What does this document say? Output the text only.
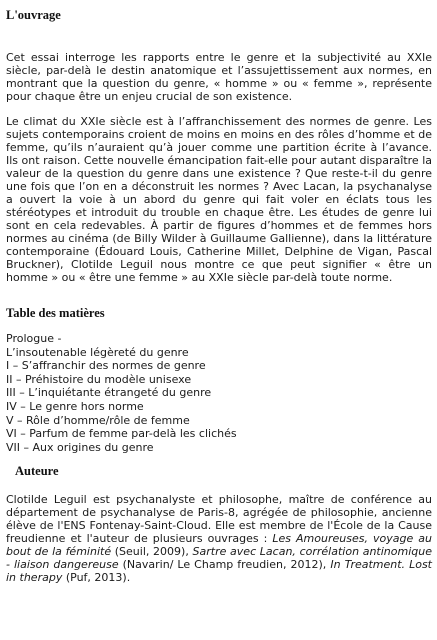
L'ouvrage

Cet essai interroge les rapports entre le genre et la subjectivité au XXIe siècle, par-delà le destin anatomique et l’assujettissement aux normes, en montrant que la question du genre, « homme » ou « femme », représente pour chaque être un enjeu crucial de son existence.

Le climat du XXIe siècle est à l’affranchissement des normes de genre. Les sujets contemporains croient de moins en moins en des rôles d’homme et de femme, qu’ils n’auraient qu’à jouer comme une partition écrite à l’avance. Ils ont raison. Cette nouvelle émancipation fait-elle pour autant disparaître la valeur de la question du genre dans une existence ? Que reste-t-il du genre une fois que l’on en a déconstruit les normes ? Avec Lacan, la psychanalyse a ouvert la voie à un abord du genre qui fait voler en éclats tous les stéréotypes et introduit du trouble en chaque être. Les études de genre lui sont en cela redevables. À partir de figures d’hommes et de femmes hors normes au cinéma (de Billy Wilder à Guillaume Gallienne), dans la littérature contemporaine (Édouard Louis, Catherine Millet, Delphine de Vigan, Pascal Bruckner), Clotilde Leguil nous montre ce que peut signifier « être un homme » ou « être une femme » au XXIe siècle par-delà toute norme.

Table des matières
Prologue -
L’insoutenable légèreté du genre
I – S’affranchir des normes de genre
II – Préhistoire du modèle unisexe
III – L’inquiétante étrangeté du genre
IV – Le genre hors norme
V – Rôle d’homme/rôle de femme
VI – Parfum de femme par-delà les clichés
VII – Aux origines du genre
Auteure

Clotilde Leguil est psychanalyste et philosophe, maître de conférence au département de psychanalyse de Paris-8, agrégée de philosophie, ancienne élève de l'ENS Fontenay-Saint-Cloud. Elle est membre de l'École de la Cause freudienne et l'auteur de plusieurs ouvrages : Les Amoureuses, voyage au bout de la féminité (Seuil, 2009), Sartre avec Lacan, corrélation antinomique - liaison dangereuse (Navarin/ Le Champ freudien, 2012), In Treatment. Lost in therapy (Puf, 2013).
